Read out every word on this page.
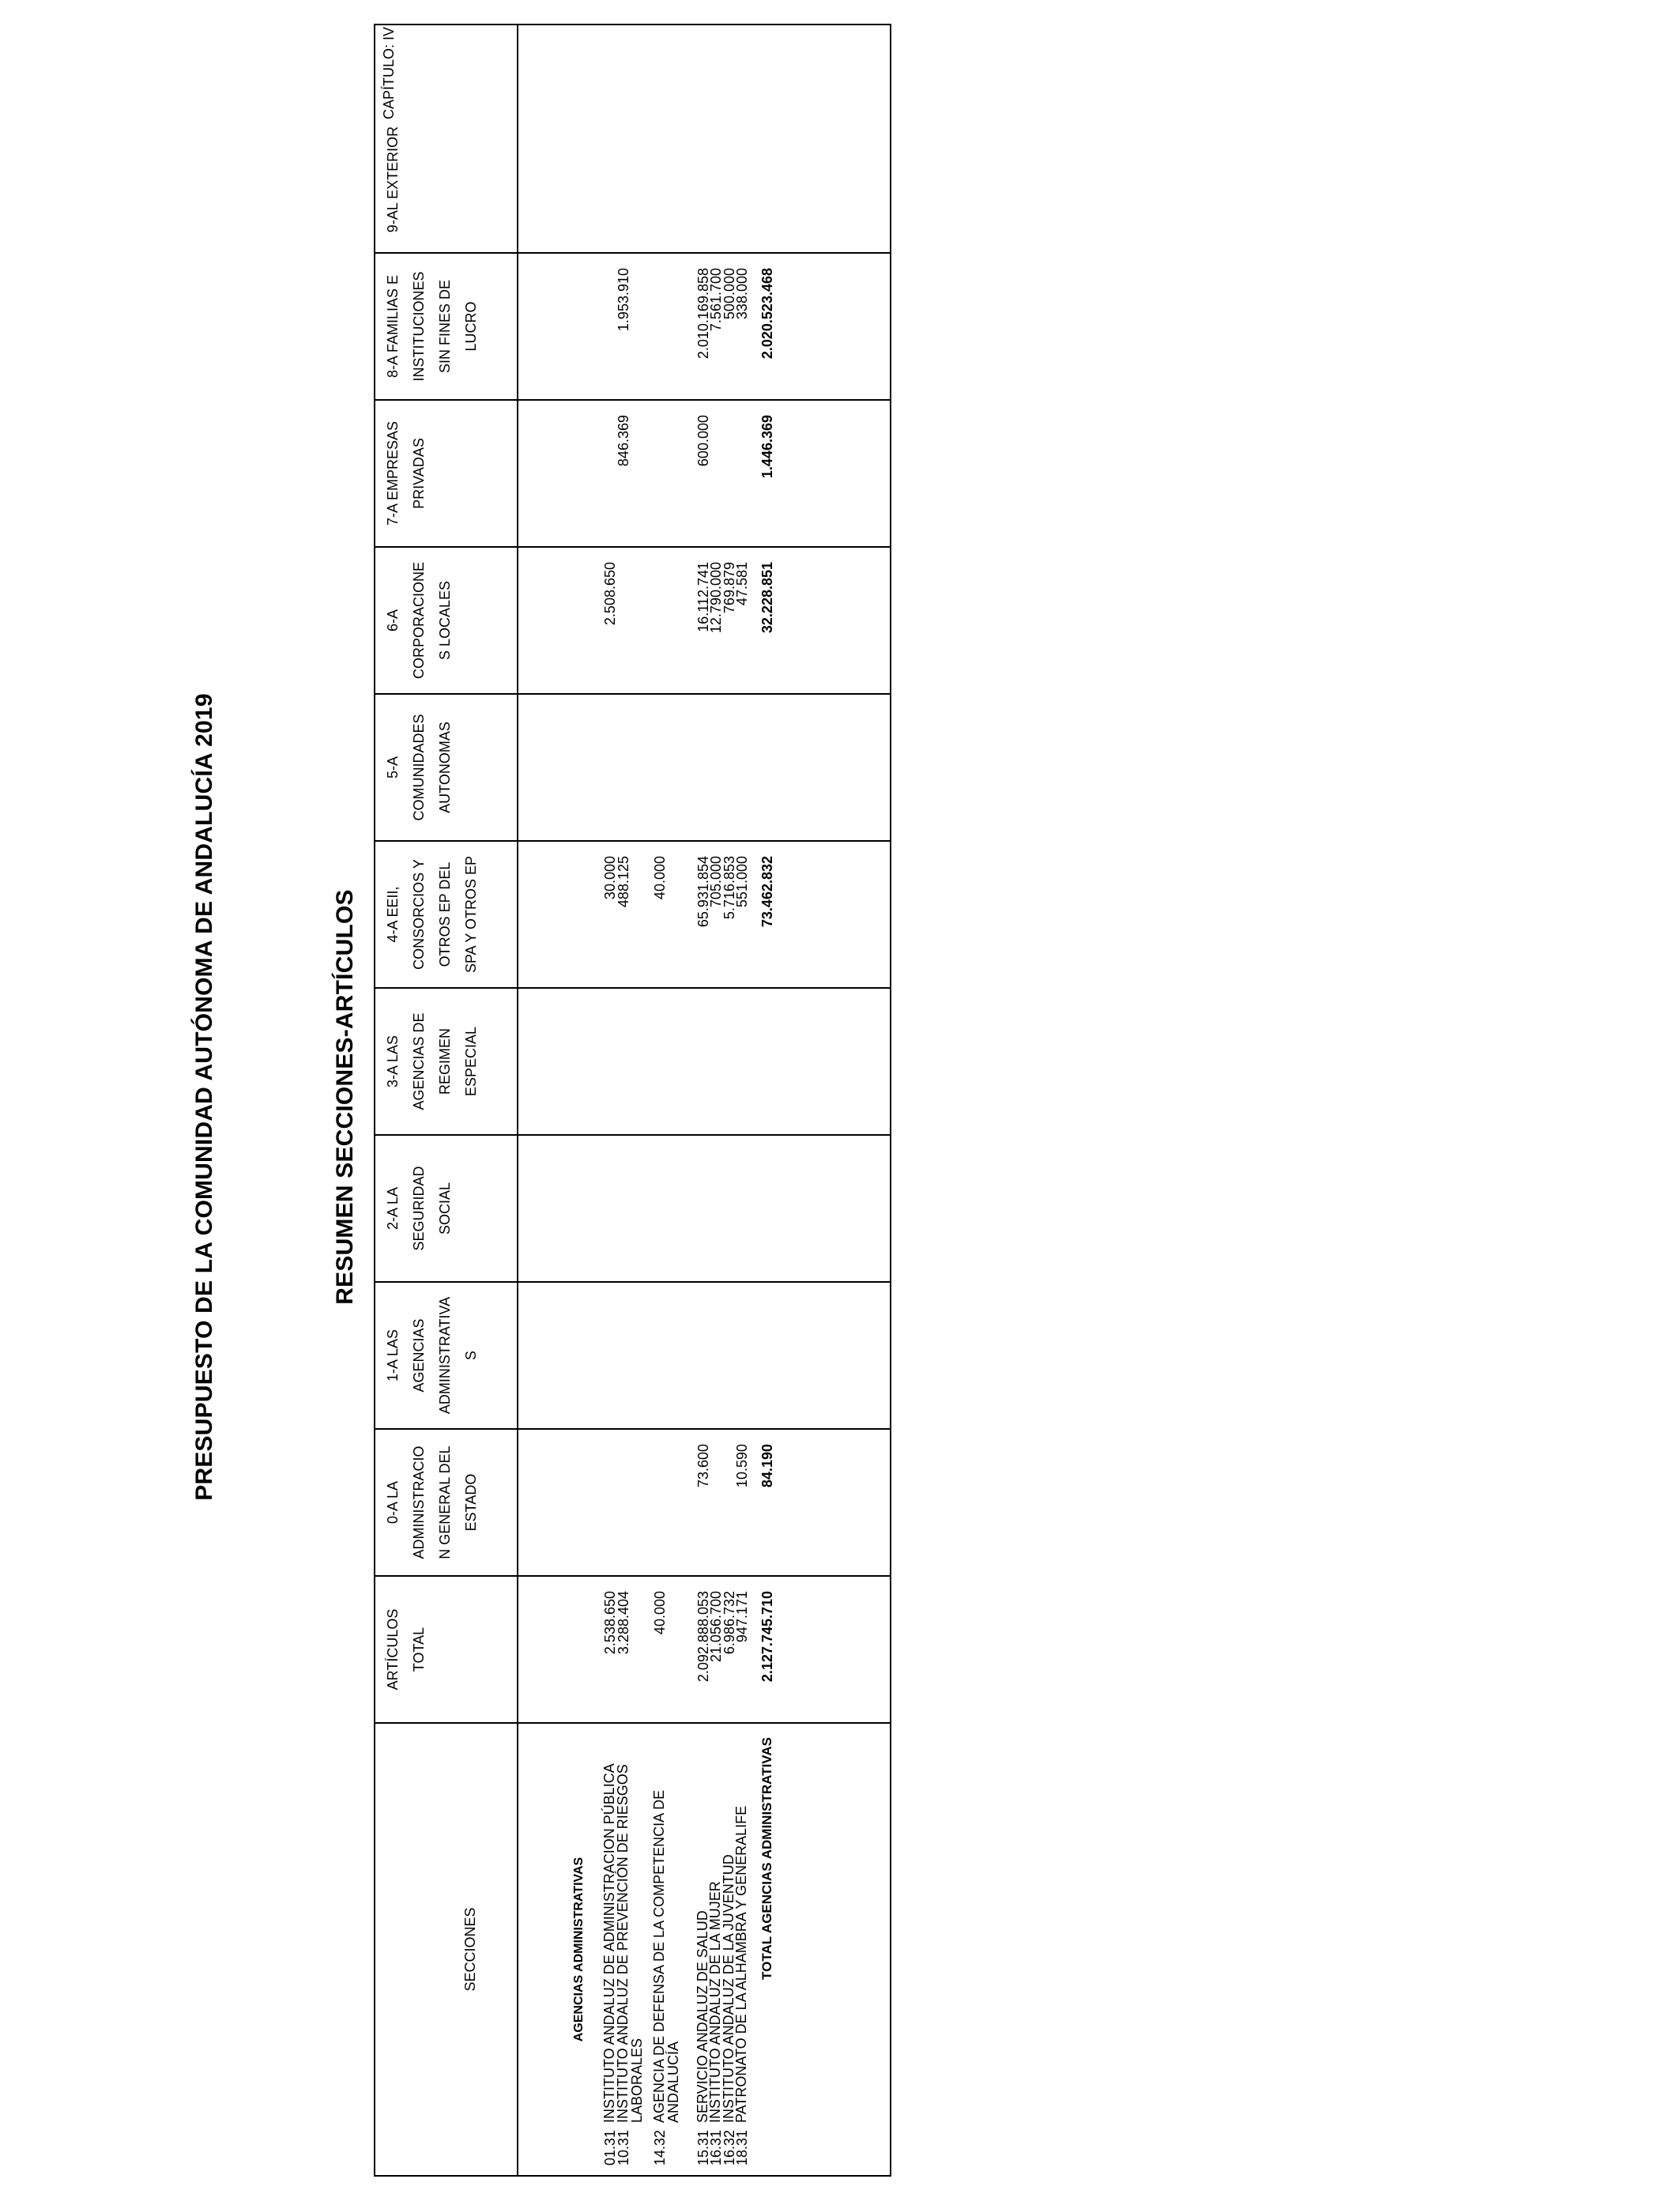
PRESUPUESTO DE LA COMUNIDAD AUTÓNOMA DE ANDALUCÍA 2019	RESUMEN SECCIONES-ARTÍCULOS
CAPÍTULO: IV
SECCIONES	AGENCIAS ADMINISTRATIVAS
ARTÍCULOS
TOTAL
0-A LA
ADMINISTRACIO
N GENERAL DEL
ESTADO
1-A LAS
AGENCIAS
ADMINISTRATIVA
S
2-A LA
SEGURIDAD
SOCIAL
3-A LAS
AGENCIAS DE
REGIMEN
ESPECIAL
4-A EEII,
CONSORCIOS Y
OTROS EP DEL
SPA Y OTROS EP
5-A
COMUNIDADES
AUTONOMAS
6-A
CORPORACIONE
S LOCALES
7-A EMPRESAS
PRIVADAS
8-A FAMILIAS E
INSTITUCIONES
SIN FINES DE
LUCRO
9-AL EXTERIOR
01.31
INSTITUTO ANDALUZ DE ADMINISTRACION PÚBLICA
2.538.650
30.000
2.508.650
10.31
INSTITUTO ANDALUZ DE PREVENCIÓN DE RIESGOS LABORALES
3.288.404
488.125
846.369
1.953.910
14.32
AGENCIA DE DEFENSA DE LA COMPETENCIA DE ANDALUCÍA
40.000
40.000
15.31
SERVICIO ANDALUZ DE SALUD
2.092.888.053
73.600
65.931.854
16.112.741
600.000
2.010.169.858
16.31
INSTITUTO ANDALUZ DE LA MUJER
21.056.700
705.000
12.790.000
7.561.700
16.32
INSTITUTO ANDALUZ DE LA JUVENTUD
6.986.732
5.716.853
769.879
500.000
18.31
PATRONATO DE LA ALHAMBRA Y GENERALIFE
947.171
10.590
551.000
47.581
338.000
TOTAL AGENCIAS ADMINISTRATIVAS
2.127.745.710
84.190
73.462.832
32.228.851
1.446.369
2.020.523.468
